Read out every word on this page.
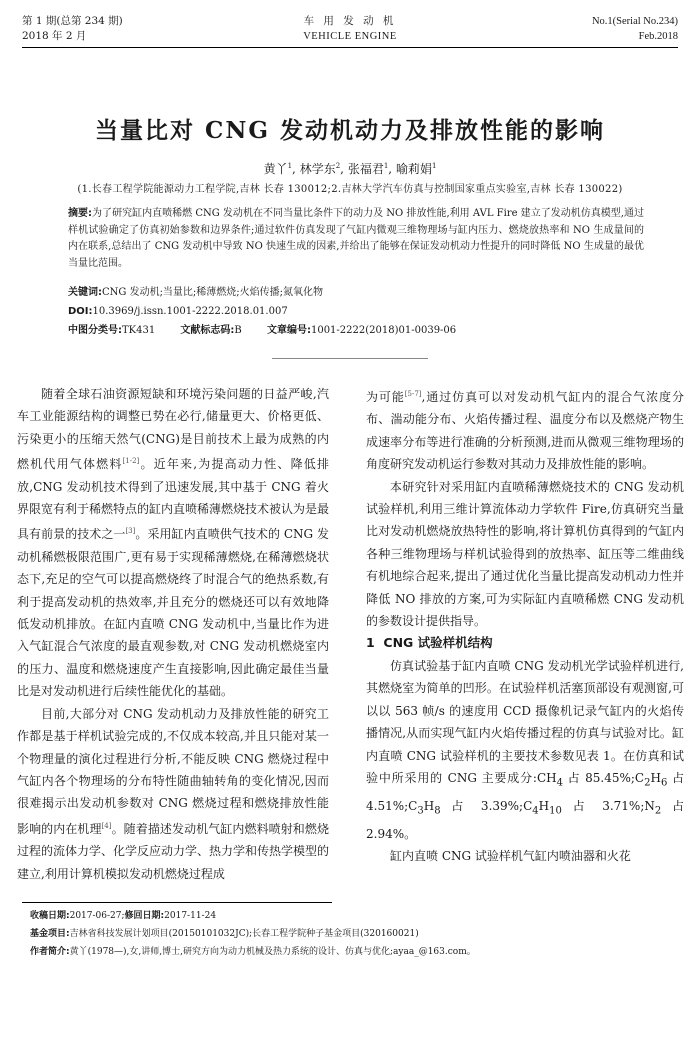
第 1 期(总第 234 期)
2018 年 2 月
车 用 发 动 机
VEHICLE ENGINE
No.1(Serial No.234)
Feb.2018
当量比对 CNG 发动机动力及排放性能的影响
黄丫$^1$, 林学东$^2$, 张福君$^1$, 喻莉娟$^1$
(1.长春工程学院能源动力工程学院,吉林 长春 130012;2.吉林大学汽车仿真与控制国家重点实验室,吉林 长春 130022)
摘要:为了研究缸内直喷稀燃 CNG 发动机在不同当量比条件下的动力及 NO 排放性能,利用 AVL Fire 建立了发动机仿真模型,通过样机试验确定了仿真初始参数和边界条件;通过软件仿真发现了气缸内微观三维物理场与缸内压力、燃烧放热率和 NO 生成量间的内在联系,总结出了 CNG 发动机中导致 NO 快速生成的因素,并给出了能够在保证发动机动力性提升的同时降低 NO 生成量的最优当量比范围。
关键词:CNG 发动机;当量比;稀薄燃烧;火焰传播;氮氧化物
DOI:10.3969/j.issn.1001-2222.2018.01.007
中图分类号:TK431	文献标志码:B	文章编号:1001-2222(2018)01-0039-06

随着全球石油资源短缺和环境污染问题的日益严峻,汽车工业能源结构的调整已势在必行,储量更大、价格更低、污染更小的压缩天然气(CNG)是目前技术上最为成熟的内燃机代用气体燃料[1-2]。近年来,为提高动力性、降低排放,CNG 发动机技术得到了迅速发展,其中基于 CNG 着火界限宽有利于稀燃特点的缸内直喷稀薄燃烧技术被认为是最具有前景的技术之一[3]。采用缸内直喷供气技术的 CNG 发动机稀燃极限范围广,更有易于实现稀薄燃烧,在稀薄燃烧状态下,充足的空气可以提高燃烧终了时混合气的绝热系数,有利于提高发动机的热效率,并且充分的燃烧还可以有效地降低发动机排放。在缸内直喷 CNG 发动机中,当量比作为进入气缸混合气浓度的最直观参数,对 CNG 发动机燃烧室内的压力、温度和燃烧速度产生直接影响,因此确定最佳当量比是对发动机进行后续性能优化的基础。

目前,大部分对 CNG 发动机动力及排放性能的研究工作都是基于样机试验完成的,不仅成本较高,并且只能对某一个物理量的演化过程进行分析,不能反映 CNG 燃烧过程中气缸内各个物理场的分布特性随曲轴转角的变化情况,因而很难揭示出发动机参数对 CNG 燃烧过程和燃烧排放性能影响的内在机理[4]。随着描述发动机气缸内燃料喷射和燃烧过程的流体力学、化学反应动力学、热力学和传热学模型的建立,利用计算机模拟发动机燃烧过程成

为可能[5-7],通过仿真可以对发动机气缸内的混合气浓度分布、湍动能分布、火焰传播过程、温度分布以及燃烧产物生成速率分布等进行准确的分析预测,进而从微观三维物理场的角度研究发动机运行参数对其动力及排放性能的影响。

本研究针对采用缸内直喷稀薄燃烧技术的 CNG 发动机试验样机,利用三维计算流体动力学软件 Fire,仿真研究当量比对发动机燃烧放热特性的影响,将计算机仿真得到的气缸内各种三维物理场与样机试验得到的放热率、缸压等二维曲线有机地综合起来,提出了通过优化当量比提高发动机动力性并降低 NO 排放的方案,可为实际缸内直喷稀燃 CNG 发动机的参数设计提供指导。

1 CNG 试验样机结构

仿真试验基于缸内直喷 CNG 发动机光学试验样机进行,其燃烧室为简单的凹形。在试验样机活塞顶部设有观测窗,可以以 563 帧/s 的速度用 CCD 摄像机记录气缸内的火焰传播情况,从而实现气缸内火焰传播过程的仿真与试验对比。缸内直喷 CNG 试验样机的主要技术参数见表 1。在仿真和试验中所采用的 CNG 主要成分$:CH_4$ 占 $85.45\%;C_2H_6$ 占 $4.51\%;C_3H_8$ 占 $3.39\%;C_4H_{10}$ 占 $3.71\%;N_2$ 占 2.94%。

缸内直喷 CNG 试验样机气缸内喷油器和火花

收稿日期:2017-06-27;修回日期:2017-11-24
基金项目:吉林省科技发展计划项目(20150101032JC);长春工程学院种子基金项目(320160021)
作者简介:黄丫(1978—),女,讲师,博士,研究方向为动力机械及热力系统的设计、仿真与优化;ayaa_@163.com。
